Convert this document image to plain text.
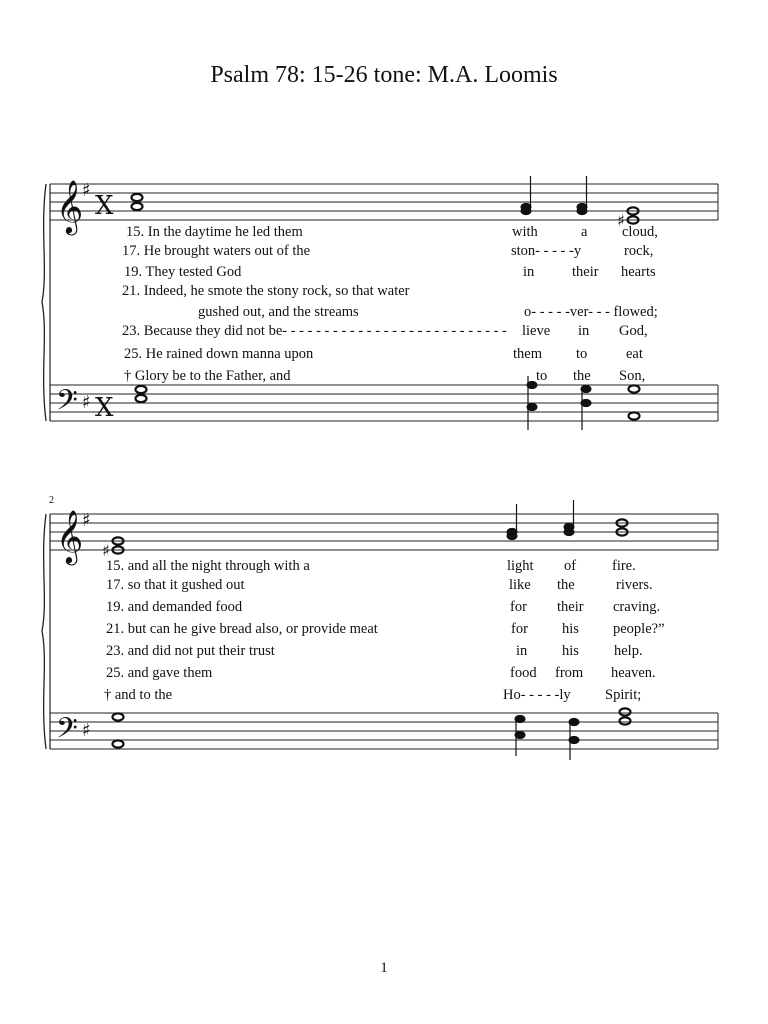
Psalm 78: 15-26 tone: M.A. Loomis
𝄞
♯
X	♯
𝄢 ♯ X
15. In the daytime he led them	with	a cloud,
17. He brought waters out of the	ston- - - - -y	rock,
19. They tested God	in	their hearts
21. Indeed, he smote the stony rock, so that water
gushed out, and the streams	o- - - - -ver- - - flowed;
23. Because they did not be- - - - - - - - - - - - - - - - - - - - - - - - - - - lieve in God,
25. He rained down manna upon	them to	eat
† Glory be to the Father, and	to the Son,
2
𝄞
♯
♯
𝄢 ♯
15. and all the night through with a	light of fire.
17. so that it gushed out	like the	rivers.
19. and demanded food	for their craving.
21. but can he give bread also, or provide meat	for his people?”
23. and did not put their trust	in his help.
25. and gave them	food from heaven.
† and to the	Ho- - - - -ly Spirit;
1
